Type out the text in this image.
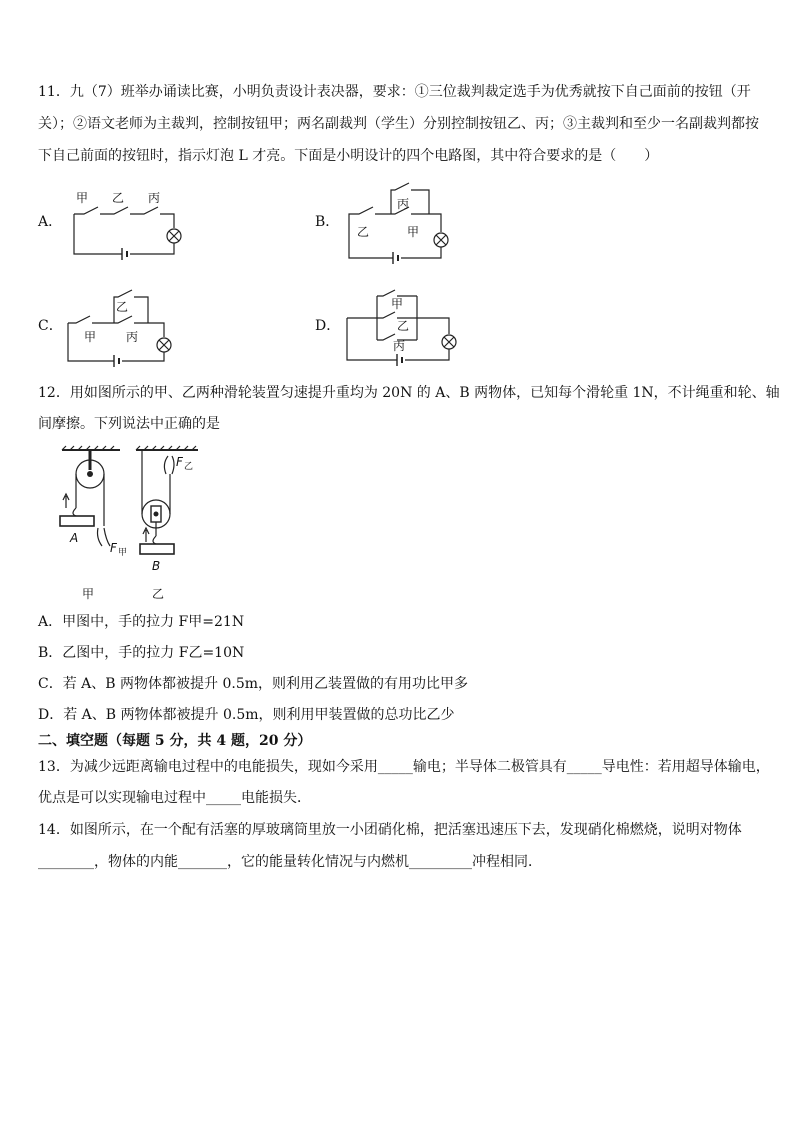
11．九（7）班举办诵读比赛，小明负责设计表决器，要求：①三位裁判裁定选手为优秀就按下自己面前的按钮（开
关）；②语文老师为主裁判，控制按钮甲；两名副裁判（学生）分别控制按钮乙、丙；③主裁判和至少一名副裁判都按
下自己前面的按钮时，指示灯泡 L 才亮。下面是小明设计的四个电路图，其中符合要求的是（　　）
A．
甲 乙 丙
B．
丙
乙	甲
C．
乙
甲 丙
D．
甲
乙
丙
12．用如图所示的甲、乙两种滑轮装置匀速提升重均为 20N 的 A、B 两物体，已知每个滑轮重 1N，不计绳重和轮、轴
间摩擦。下列说法中正确的是
A
F 甲
F 乙
B
甲	乙
A．甲图中，手的拉力 F甲=21N
B．乙图中，手的拉力 F乙=10N
C．若 A、B 两物体都被提升 0.5m，则利用乙装置做的有用功比甲多
D．若 A、B 两物体都被提升 0.5m，则利用甲装置做的总功比乙少
二、填空题（每题 5 分，共 4 题，20 分）
13．为减少远距离输电过程中的电能损失，现如今采用_____输电；半导体二极管具有_____导电性：若用超导体输电，
优点是可以实现输电过程中_____电能损失．
14．如图所示，在一个配有活塞的厚玻璃筒里放一小团硝化棉，把活塞迅速压下去，发现硝化棉燃烧，说明对物体
________，物体的内能_______，它的能量转化情况与内燃机_________冲程相同．
